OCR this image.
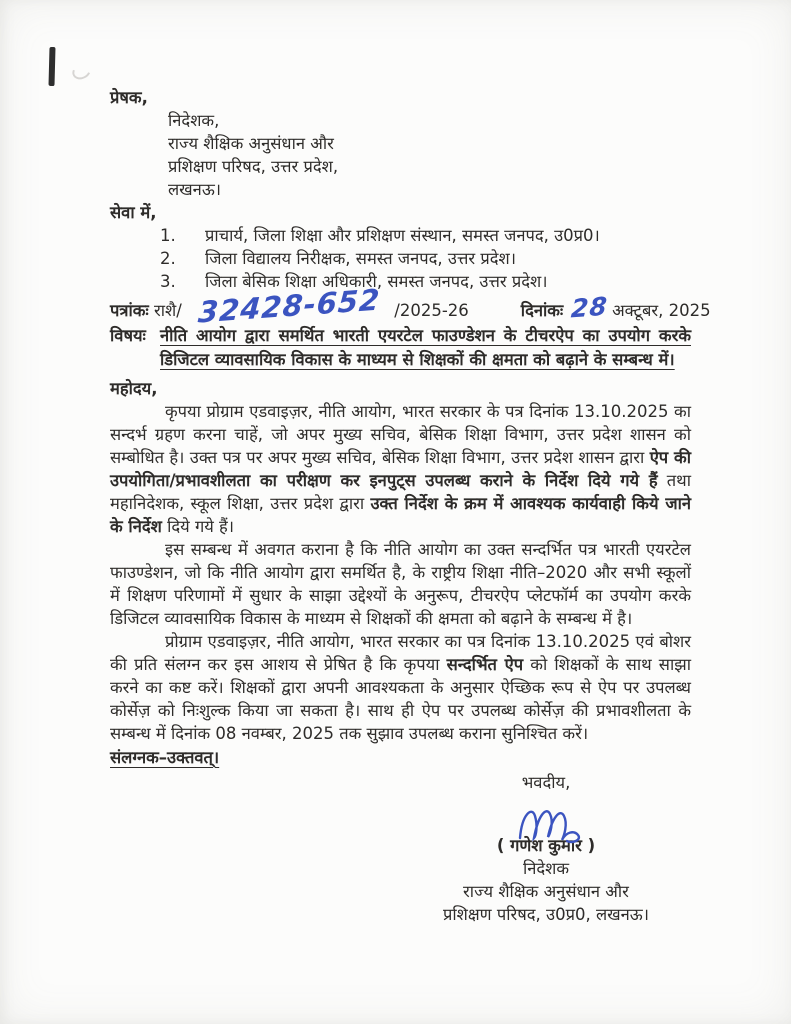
प्रेषक,
निदेशक,
राज्य शैक्षिक अनुसंधान और
प्रशिक्षण परिषद, उत्तर प्रदेश,
लखनऊ।
सेवा में,
1.	प्राचार्य, जिला शिक्षा और प्रशिक्षण संस्थान, समस्त जनपद, उ0प्र0।
2.	जिला विद्यालय निरीक्षक, समस्त जनपद, उत्तर प्रदेश।
3.	जिला बेसिक शिक्षा अधिकारी, समस्त जनपद, उत्तर प्रदेश।
पत्रांकः
राशै/ 32428-652 /2025-26	दिनांकः 28 अक्टूबर, 2025
विषयः नीति आयोग द्वारा समर्थित भारती एयरटेल फाउण्डेशन के टीचरऐप का उपयोग करके डिजिटल व्यावसायिक विकास के माध्यम से शिक्षकों की क्षमता को बढ़ाने के सम्बन्ध में।
महोदय,

कृपया प्रोग्राम एडवाइज़र, नीति आयोग, भारत सरकार के पत्र दिनांक 13.10.2025 का सन्दर्भ ग्रहण करना चाहें, जो अपर मुख्य सचिव, बेसिक शिक्षा विभाग, उत्तर प्रदेश शासन को सम्बोधित है। उक्त पत्र पर अपर मुख्य सचिव, बेसिक शिक्षा विभाग, उत्तर प्रदेश शासन द्वारा ऐप की उपयोगिता/प्रभावशीलता का परीक्षण कर इनपुट्स उपलब्ध कराने के निर्देश दिये गये हैं तथा महानिदेशक, स्कूल शिक्षा, उत्तर प्रदेश द्वारा उक्त निर्देश के क्रम में आवश्यक कार्यवाही किये जाने के निर्देश दिये गये हैं।

इस सम्बन्ध में अवगत कराना है कि नीति आयोग का उक्त सन्दर्भित पत्र भारती एयरटेल फाउण्डेशन, जो कि नीति आयोग द्वारा समर्थित है, के राष्ट्रीय शिक्षा नीति–2020 और सभी स्कूलों में शिक्षण परिणामों में सुधार के साझा उद्देश्यों के अनुरूप, टीचरऐप प्लेटफॉर्म का उपयोग करके डिजिटल व्यावसायिक विकास के माध्यम से शिक्षकों की क्षमता को बढ़ाने के सम्बन्ध में है।

प्रोग्राम एडवाइज़र, नीति आयोग, भारत सरकार का पत्र दिनांक 13.10.2025 एवं बोशर की प्रति संलग्न कर इस आशय से प्रेषित है कि कृपया सन्दर्भित ऐप को शिक्षकों के साथ साझा करने का कष्ट करें। शिक्षकों द्वारा अपनी आवश्यकता के अनुसार ऐच्छिक रूप से ऐप पर उपलब्ध कोर्सेज़ को निःशुल्क किया जा सकता है। साथ ही ऐप पर उपलब्ध कोर्सेज़ की प्रभावशीलता के सम्बन्ध में दिनांक 08 नवम्बर, 2025 तक सुझाव उपलब्ध कराना सुनिश्चित करें।

संलग्नक–उक्तवत्।
भवदीय,
( गणेश कुमार )
निदेशक
राज्य शैक्षिक अनुसंधान और
प्रशिक्षण परिषद, उ0प्र0, लखनऊ।
